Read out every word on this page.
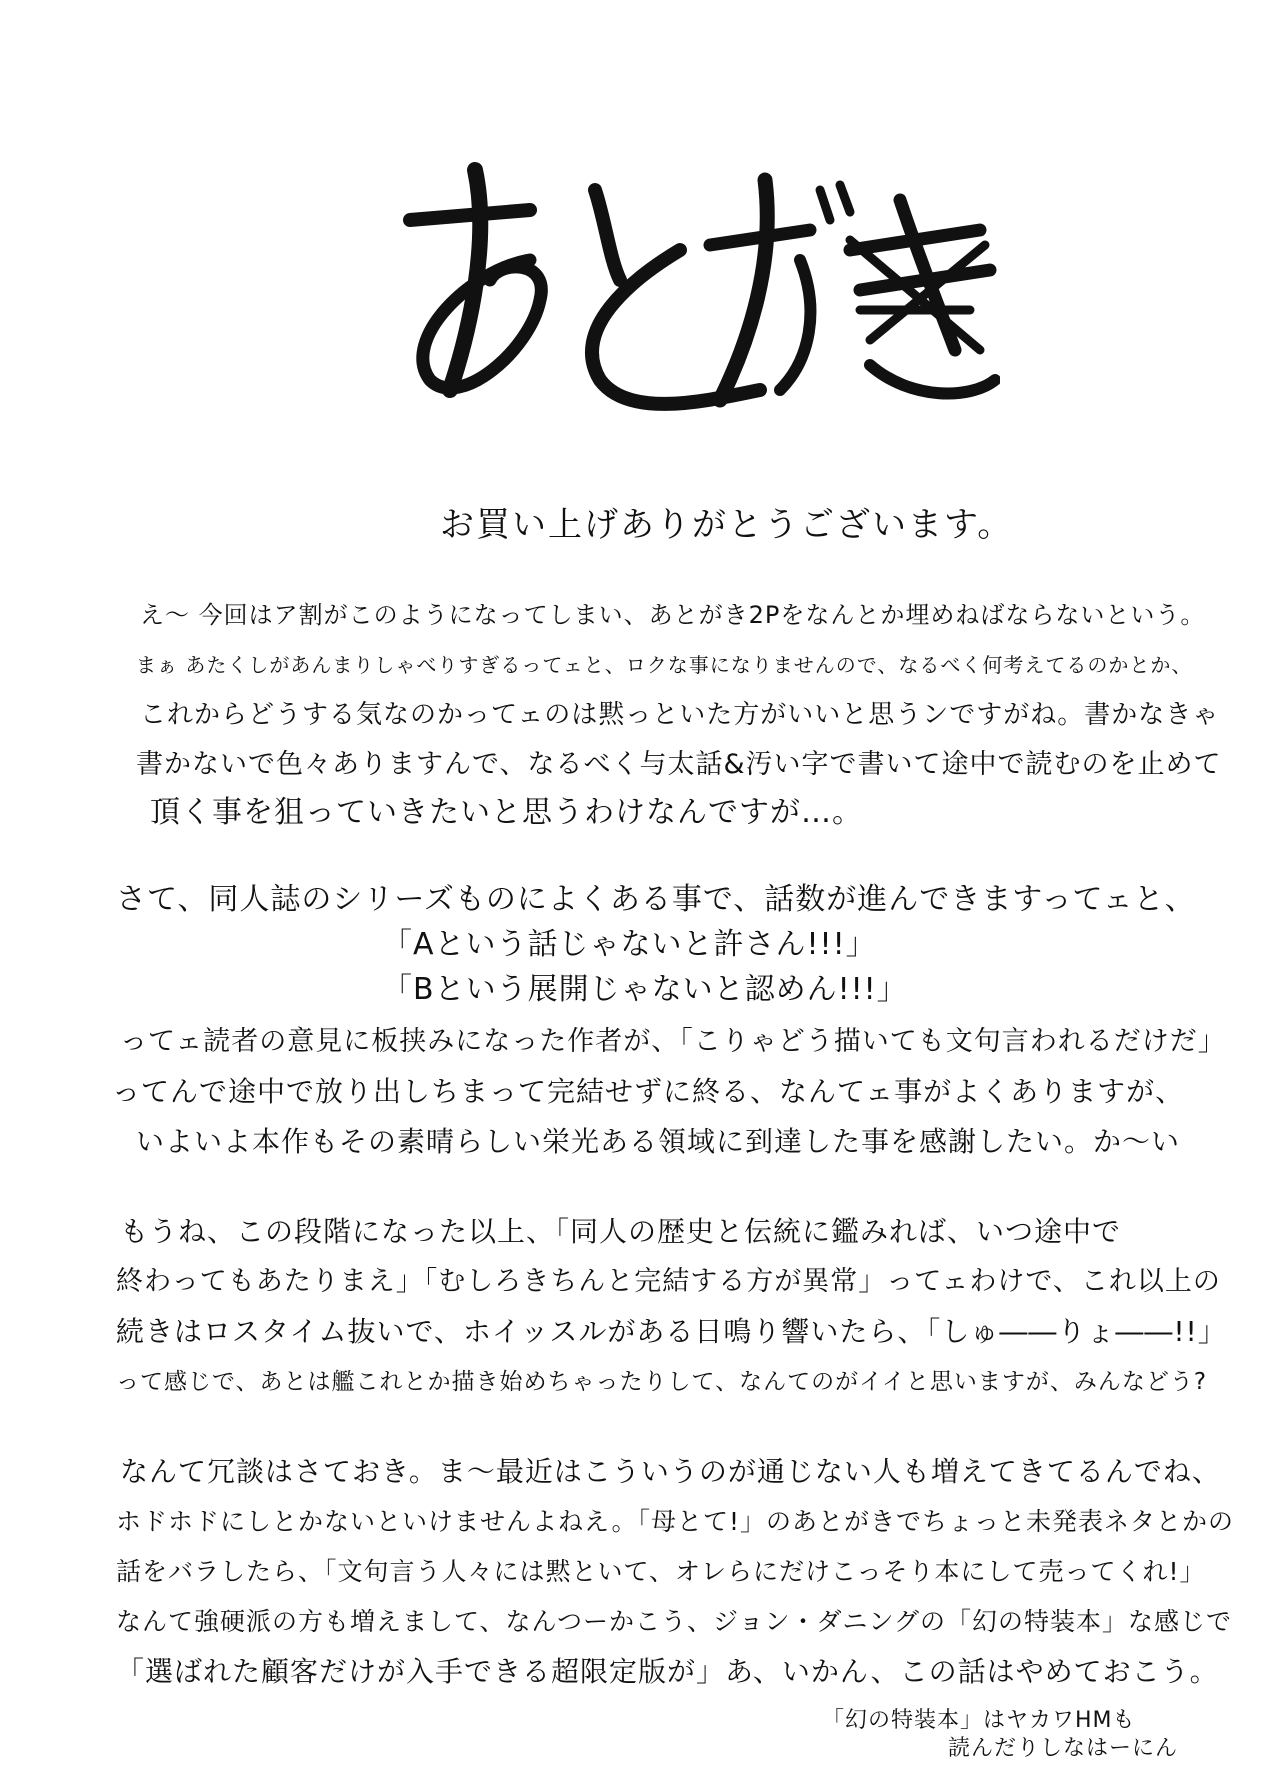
お買い上げありがとうございます。
え〜 今回はア割がこのようになってしまい、あとがき2Pをなんとか埋めねばならないという。
まぁ あたくしがあんまりしゃべりすぎるってェと、ロクな事になりませんので、なるべく何考えてるのかとか、
これからどうする気なのかってェのは黙っといた方がいいと思うンですがね。書かなきゃ
書かないで色々ありますんで、なるべく与太話&汚い字で書いて途中で読むのを止めて
頂く事を狙っていきたいと思うわけなんですが…。
さて、同人誌のシリーズものによくある事で、話数が進んできますってェと、
「Aという話じゃないと許さん!!!」
「Bという展開じゃないと認めん!!!」
ってェ読者の意見に板挟みになった作者が、「こりゃどう描いても文句言われるだけだ」
ってんで途中で放り出しちまって完結せずに終る、なんてェ事がよくありますが、
いよいよ本作もその素晴らしい栄光ある領域に到達した事を感謝したい。か〜い
もうね、この段階になった以上、「同人の歴史と伝統に鑑みれば、いつ途中で
終わってもあたりまえ」「むしろきちんと完結する方が異常」ってェわけで、これ以上の
続きはロスタイム抜いで、ホイッスルがある日鳴り響いたら、「しゅ――りょ――!!」
って感じで、あとは艦これとか描き始めちゃったりして、なんてのがイイと思いますが、みんなどう?
なんて冗談はさておき。ま〜最近はこういうのが通じない人も増えてきてるんでね、
ホドホドにしとかないといけませんよねえ。「母とて!」のあとがきでちょっと未発表ネタとかの
話をバラしたら、「文句言う人々には黙といて、オレらにだけこっそり本にして売ってくれ!」
なんて強硬派の方も増えまして、なんつーかこう、ジョン・ダニングの「幻の特装本」な感じで
「選ばれた顧客だけが入手できる超限定版が」あ、いかん、この話はやめておこう。
「幻の特装本」はヤカワHMも
読んだりしなはーにん
